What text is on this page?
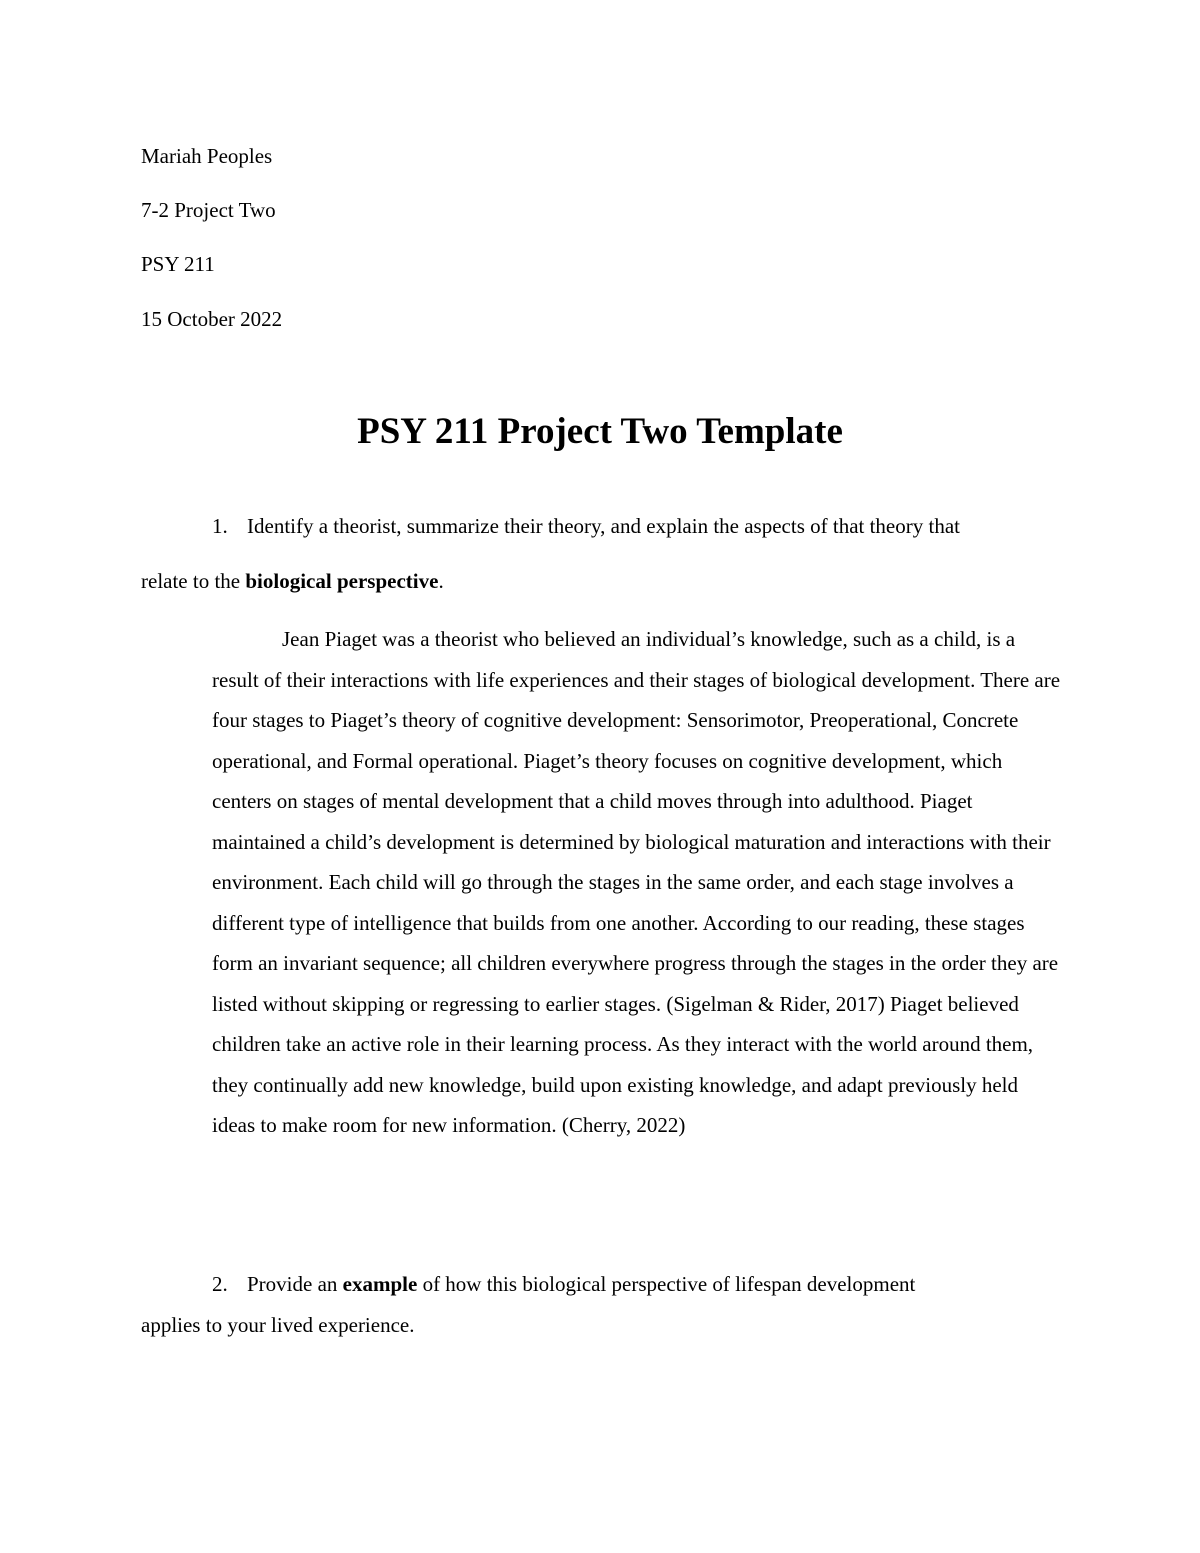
Mariah Peoples
7-2 Project Two
PSY 211
15 October 2022
PSY 211 Project Two Template
1. Identify a theorist, summarize their theory, and explain the aspects of that theory that
relate to the biological perspective.

Jean Piaget was a theorist who believed an individual’s knowledge, such as a child, is a result of their interactions with life experiences and their stages of biological development. There are four stages to Piaget’s theory of cognitive development: Sensorimotor, Preoperational, Concrete operational, and Formal operational. Piaget’s theory focuses on cognitive development, which centers on stages of mental development that a child moves through into adulthood. Piaget maintained a child’s development is determined by biological maturation and interactions with their environment. Each child will go through the stages in the same order, and each stage involves a different type of intelligence that builds from one another. According to our reading, these stages form an invariant sequence; all children everywhere progress through the stages in the order they are listed without skipping or regressing to earlier stages. (Sigelman & Rider, 2017) Piaget believed children take an active role in their learning process. As they interact with the world around them, they continually add new knowledge, build upon existing knowledge, and adapt previously held ideas to make room for new information. (Cherry, 2022)

2. Provide an example of how this biological perspective of lifespan development
applies to your lived experience.
